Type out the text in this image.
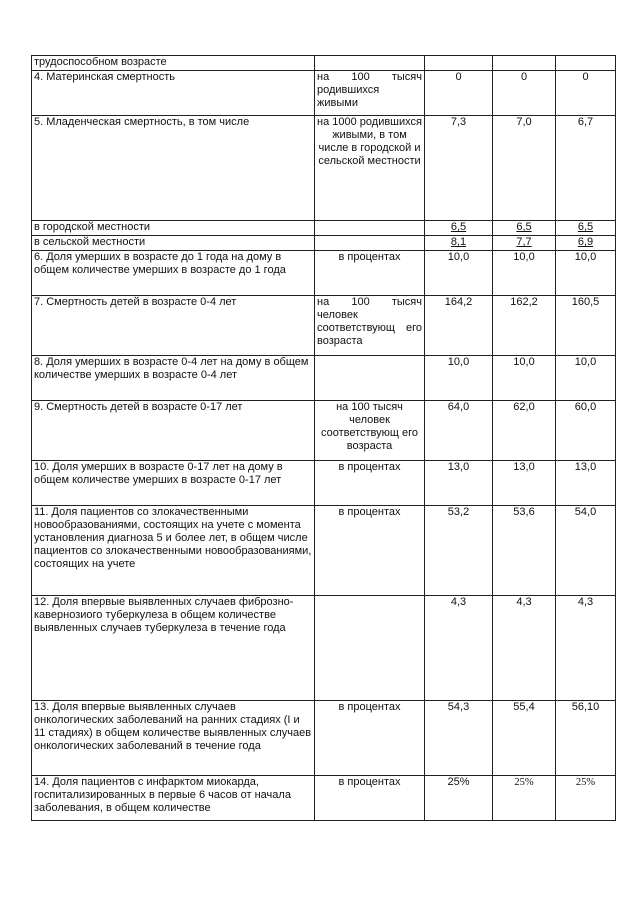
трудоспособном возрасте				
4. Материнская смертность	на 100 тысяч родившихся живыми	0	0	0
5. Младенческая смертность, в том числе	на 1000 родившихся живыми, в том числе в городской и сельской местности	7,3	7,0	6,7
в городской местности		6,5	6,5	6,5
в сельской местности		8,1	7,7	6,9
6. Доля умерших в возрасте до 1 года на дому в общем количестве умерших в возрасте до 1 года	в процентах	10,0	10,0	10,0
7. Смертность детей в возрасте 0-4 лет	на 100 тысяч человек соответствующ его возраста	164,2	162,2	160,5
8. Доля умерших в возрасте 0-4 лет на дому в общем количестве умерших в возрасте 0-4 лет		10,0	10,0	10,0
9. Смертность детей в возрасте 0-17 лет	на 100 тысяч человек соответствующ его возраста	64,0	62,0	60,0
10. Доля умерших в возрасте 0-17 лет на дому в общем количестве умерших в возрасте 0-17 лет	в процентах	13,0	13,0	13,0
11. Доля пациентов со злокачественными новообразованиями, состоящих на учете с момента установления диагноза 5 и более лет, в общем числе пациентов со злокачественными новообразованиями, состоящих на учете	в процентах	53,2	53,6	54,0
12. Доля впервые выявленных случаев фиброзно-кавернозиого туберкулеза в общем количестве выявленных случаев туберкулеза в течение года		4,3	4,3	4,3
13. Доля впервые выявленных случаев онкологических заболеваний на ранних стадиях (I и 11 стадиях) в общем количестве выявленных случаев онкологических заболеваний в течение года	в процентах	54,3	55,4	56,10
14. Доля пациентов с инфарктом миокарда, госпитализированных в первые 6 часов от начала заболевания, в общем количестве	в процентах	25%	25%	25%
